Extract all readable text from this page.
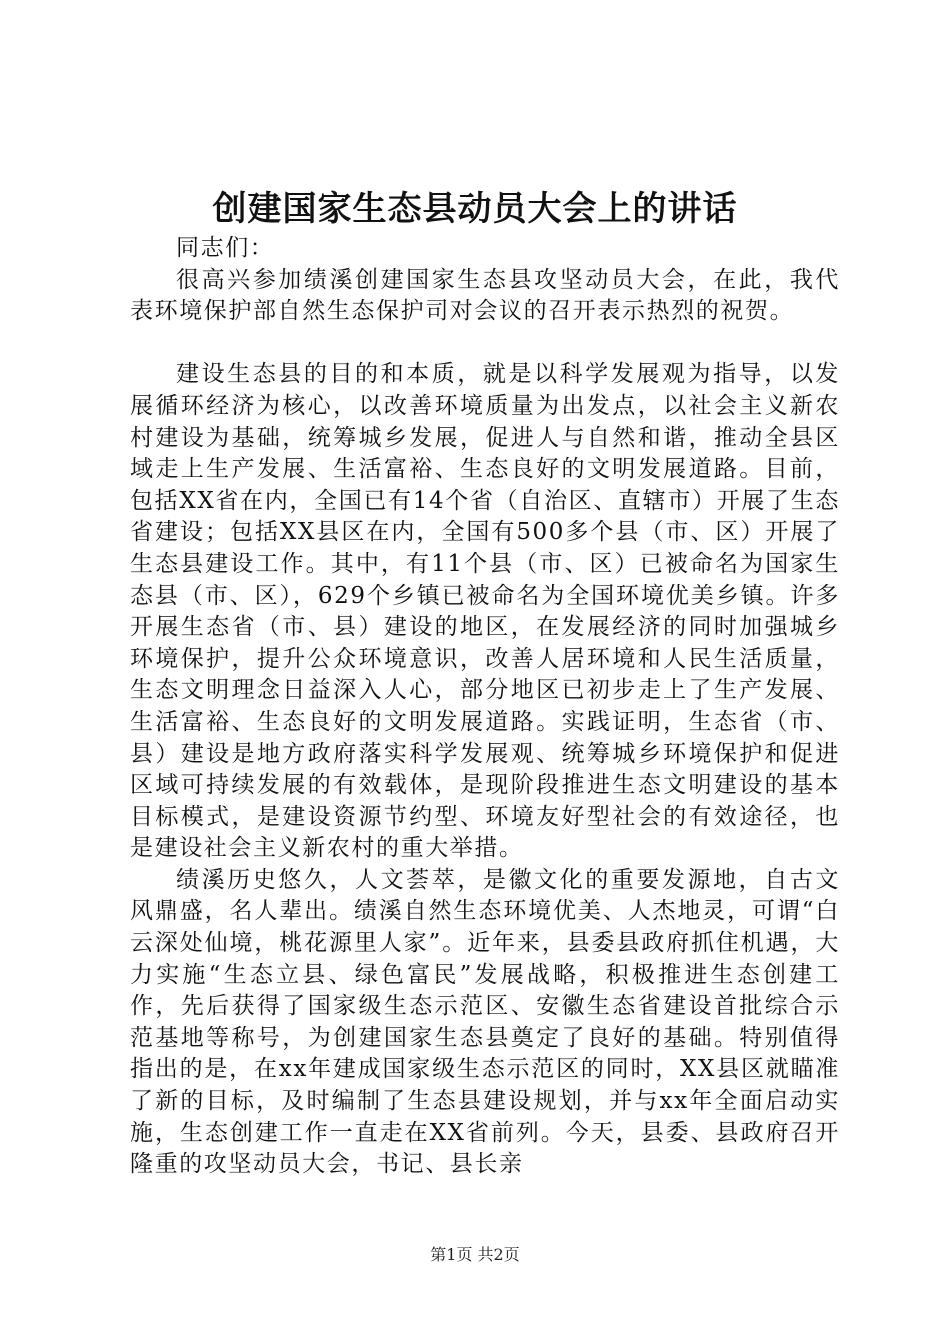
创建国家生态县动员大会上的讲话

同志们：

很高兴参加绩溪创建国家生态县攻坚动员大会，在此，我代表环境保护部自然生态保护司对会议的召开表示热烈的祝贺。

建设生态县的目的和本质，就是以科学发展观为指导，以发展循环经济为核心，以改善环境质量为出发点，以社会主义新农村建设为基础，统筹城乡发展，促进人与自然和谐，推动全县区域走上生产发展、生活富裕、生态良好的文明发展道路。目前，包括XX省在内，全国已有14个省（自治区、直辖市）开展了生态省建设；包括XX县区在内，全国有500多个县（市、区）开展了生态县建设工作。其中，有11个县（市、区）已被命名为国家生态县（市、区），629个乡镇已被命名为全国环境优美乡镇。许多开展生态省（市、县）建设的地区，在发展经济的同时加强城乡环境保护，提升公众环境意识，改善人居环境和人民生活质量，生态文明理念日益深入人心，部分地区已初步走上了生产发展、生活富裕、生态良好的文明发展道路。实践证明，生态省（市、县）建设是地方政府落实科学发展观、统筹城乡环境保护和促进区域可持续发展的有效载体，是现阶段推进生态文明建设的基本目标模式，是建设资源节约型、环境友好型社会的有效途径，也是建设社会主义新农村的重大举措。

绩溪历史悠久，人文荟萃，是徽文化的重要发源地，自古文风鼎盛，名人辈出。绩溪自然生态环境优美、人杰地灵，可谓“白云深处仙境，桃花源里人家”。近年来，县委县政府抓住机遇，大力实施“生态立县、绿色富民”发展战略，积极推进生态创建工作，先后获得了国家级生态示范区、安徽生态省建设首批综合示范基地等称号，为创建国家生态县奠定了良好的基础。特别值得指出的是，在xx年建成国家级生态示范区的同时，XX县区就瞄准了新的目标，及时编制了生态县建设规划，并与xx年全面启动实施，生态创建工作一直走在XX省前列。今天，县委、县政府召开隆重的攻坚动员大会，书记、县长亲

第1页 共2页
